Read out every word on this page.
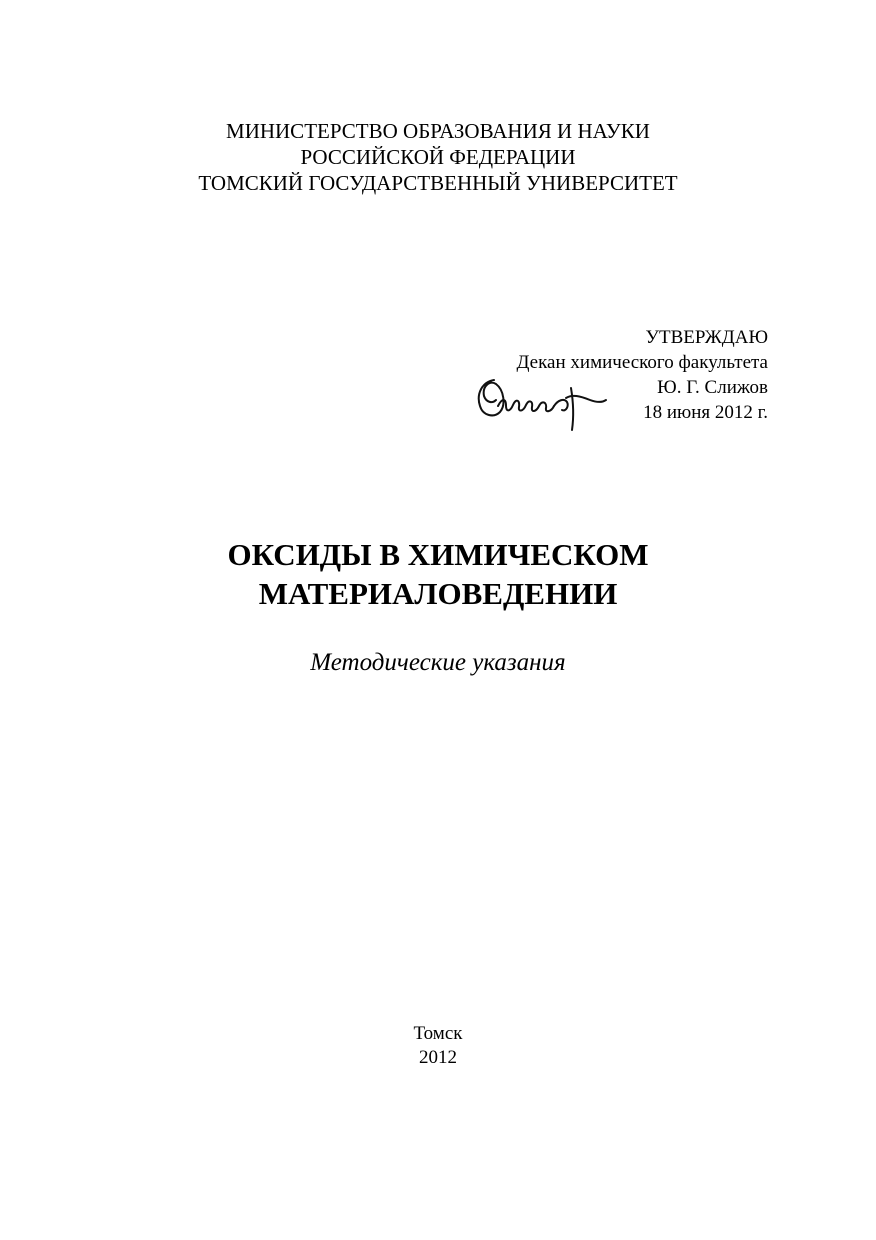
МИНИСТЕРСТВО ОБРАЗОВАНИЯ И НАУКИ
РОССИЙСКОЙ ФЕДЕРАЦИИ
ТОМСКИЙ ГОСУДАРСТВЕННЫЙ УНИВЕРСИТЕТ
УТВЕРЖДАЮ
Декан химического факультета
Ю. Г. Слижов
18 июня 2012 г.
ОКСИДЫ В ХИМИЧЕСКОМ
МАТЕРИАЛОВЕДЕНИИ
Методические указания
Томск
2012
